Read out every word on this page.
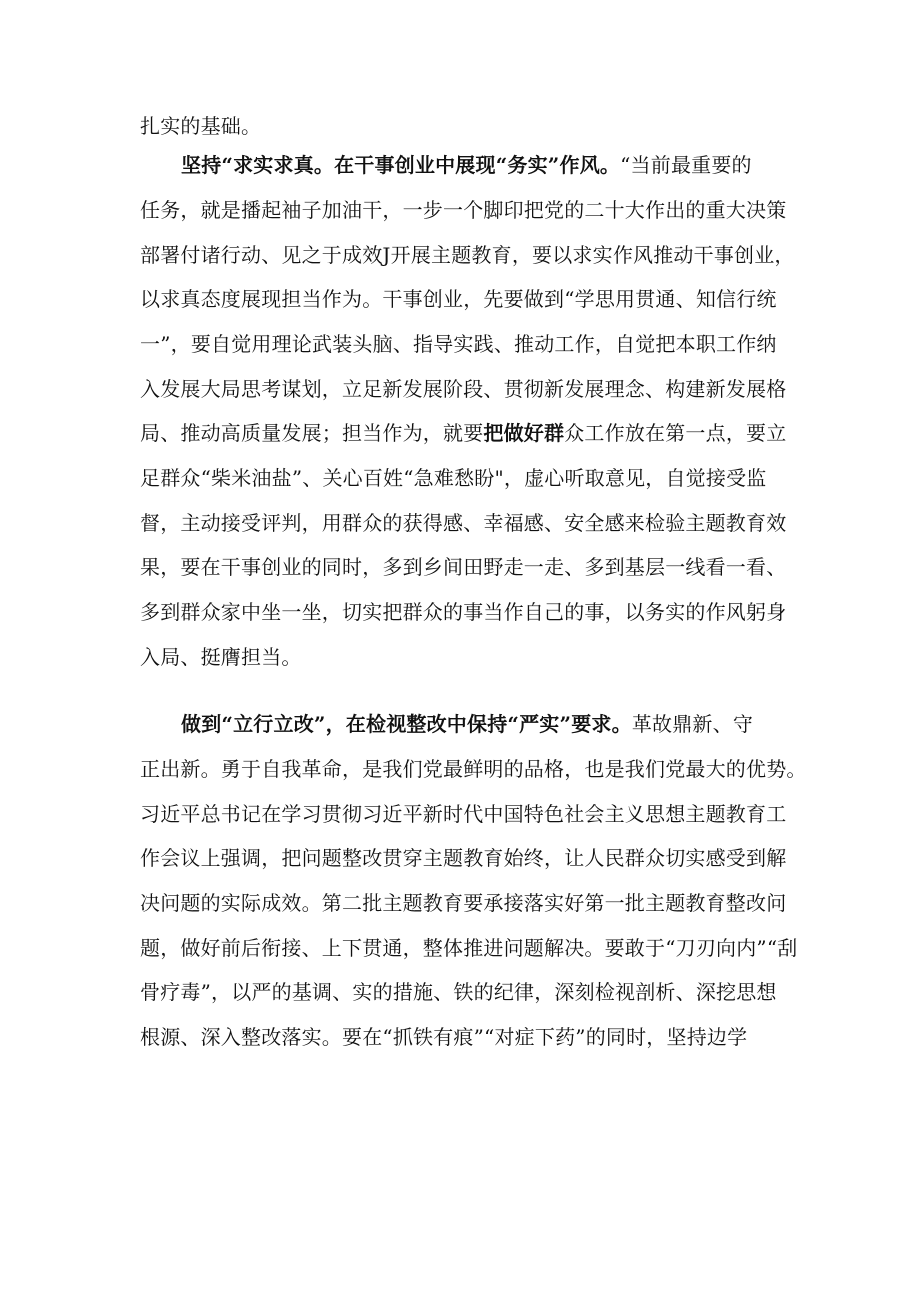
扎实的基础。
坚持“求实求真。在干事创业中展现“务实”作风。“当前最重要的
任务，就是播起袖子加油干，一步一个脚印把党的二十大作出的重大决策
部署付诸行动、见之于成效J开展主题教育，要以求实作风推动干事创业，
以求真态度展现担当作为。干事创业，先要做到“学思用贯通、知信行统
一”，要自觉用理论武装头脑、指导实践、推动工作，自觉把本职工作纳
入发展大局思考谋划，立足新发展阶段、贯彻新发展理念、构建新发展格
局、推动高质量发展；担当作为，就要把做好群众工作放在第一点，要立
足群众“柴米油盐”、关心百姓“急难愁盼"，虚心听取意见，自觉接受监
督，主动接受评判，用群众的获得感、幸福感、安全感来检验主题教育效
果，要在干事创业的同时，多到乡间田野走一走、多到基层一线看一看、
多到群众家中坐一坐，切实把群众的事当作自己的事，以务实的作风躬身
入局、挺膺担当。
做到“立行立改”，在检视整改中保持“严实”要求。革故鼎新、守
正出新。勇于自我革命，是我们党最鲜明的品格，也是我们党最大的优势。
习近平总书记在学习贯彻习近平新时代中国特色社会主义思想主题教育工
作会议上强调，把问题整改贯穿主题教育始终，让人民群众切实感受到解
决问题的实际成效。第二批主题教育要承接落实好第一批主题教育整改问
题，做好前后衔接、上下贯通，整体推进问题解决。要敢于“刀刃向内”“刮
骨疗毒”，以严的基调、实的措施、铁的纪律，深刻检视剖析、深挖思想
根源、深入整改落实。要在“抓铁有痕”“对症下药”的同时，坚持边学
